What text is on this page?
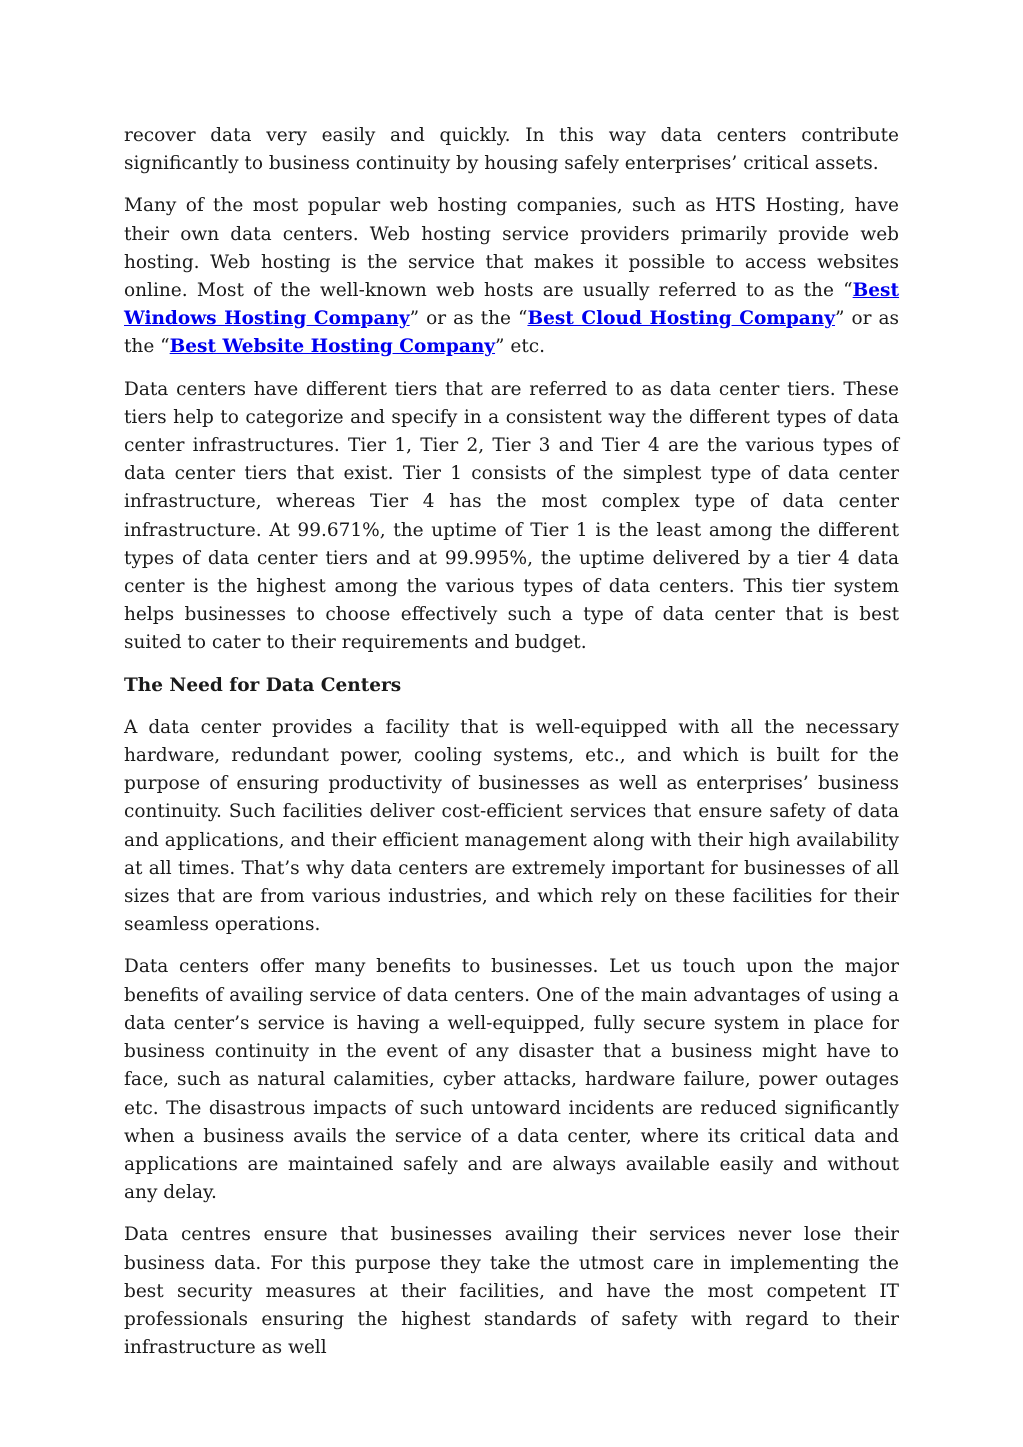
recover data very easily and quickly. In this way data centers contribute significantly to business continuity by housing safely enterprises’ critical assets.

Many of the most popular web hosting companies, such as HTS Hosting, have their own data centers. Web hosting service providers primarily provide web hosting. Web hosting is the service that makes it possible to access websites online. Most of the well-known web hosts are usually referred to as the “Best Windows Hosting Company” or as the “Best Cloud Hosting Company” or as the “Best Website Hosting Company” etc.

Data centers have different tiers that are referred to as data center tiers. These tiers help to categorize and specify in a consistent way the different types of data center infrastructures. Tier 1, Tier 2, Tier 3 and Tier 4 are the various types of data center tiers that exist. Tier 1 consists of the simplest type of data center infrastructure, whereas Tier 4 has the most complex type of data center infrastructure. At 99.671%, the uptime of Tier 1 is the least among the different types of data center tiers and at 99.995%, the uptime delivered by a tier 4 data center is the highest among the various types of data centers. This tier system helps businesses to choose effectively such a type of data center that is best suited to cater to their requirements and budget.

The Need for Data Centers

A data center provides a facility that is well-equipped with all the necessary hardware, redundant power, cooling systems, etc., and which is built for the purpose of ensuring productivity of businesses as well as enterprises’ business continuity. Such facilities deliver cost-efficient services that ensure safety of data and applications, and their efficient management along with their high availability at all times. That’s why data centers are extremely important for businesses of all sizes that are from various industries, and which rely on these facilities for their seamless operations.

Data centers offer many benefits to businesses. Let us touch upon the major benefits of availing service of data centers. One of the main advantages of using a data center’s service is having a well-equipped, fully secure system in place for business continuity in the event of any disaster that a business might have to face, such as natural calamities, cyber attacks, hardware failure, power outages etc. The disastrous impacts of such untoward incidents are reduced significantly when a business avails the service of a data center, where its critical data and applications are maintained safely and are always available easily and without any delay.

Data centres ensure that businesses availing their services never lose their business data. For this purpose they take the utmost care in implementing the best security measures at their facilities, and have the most competent IT professionals ensuring the highest standards of safety with regard to their infrastructure as well
